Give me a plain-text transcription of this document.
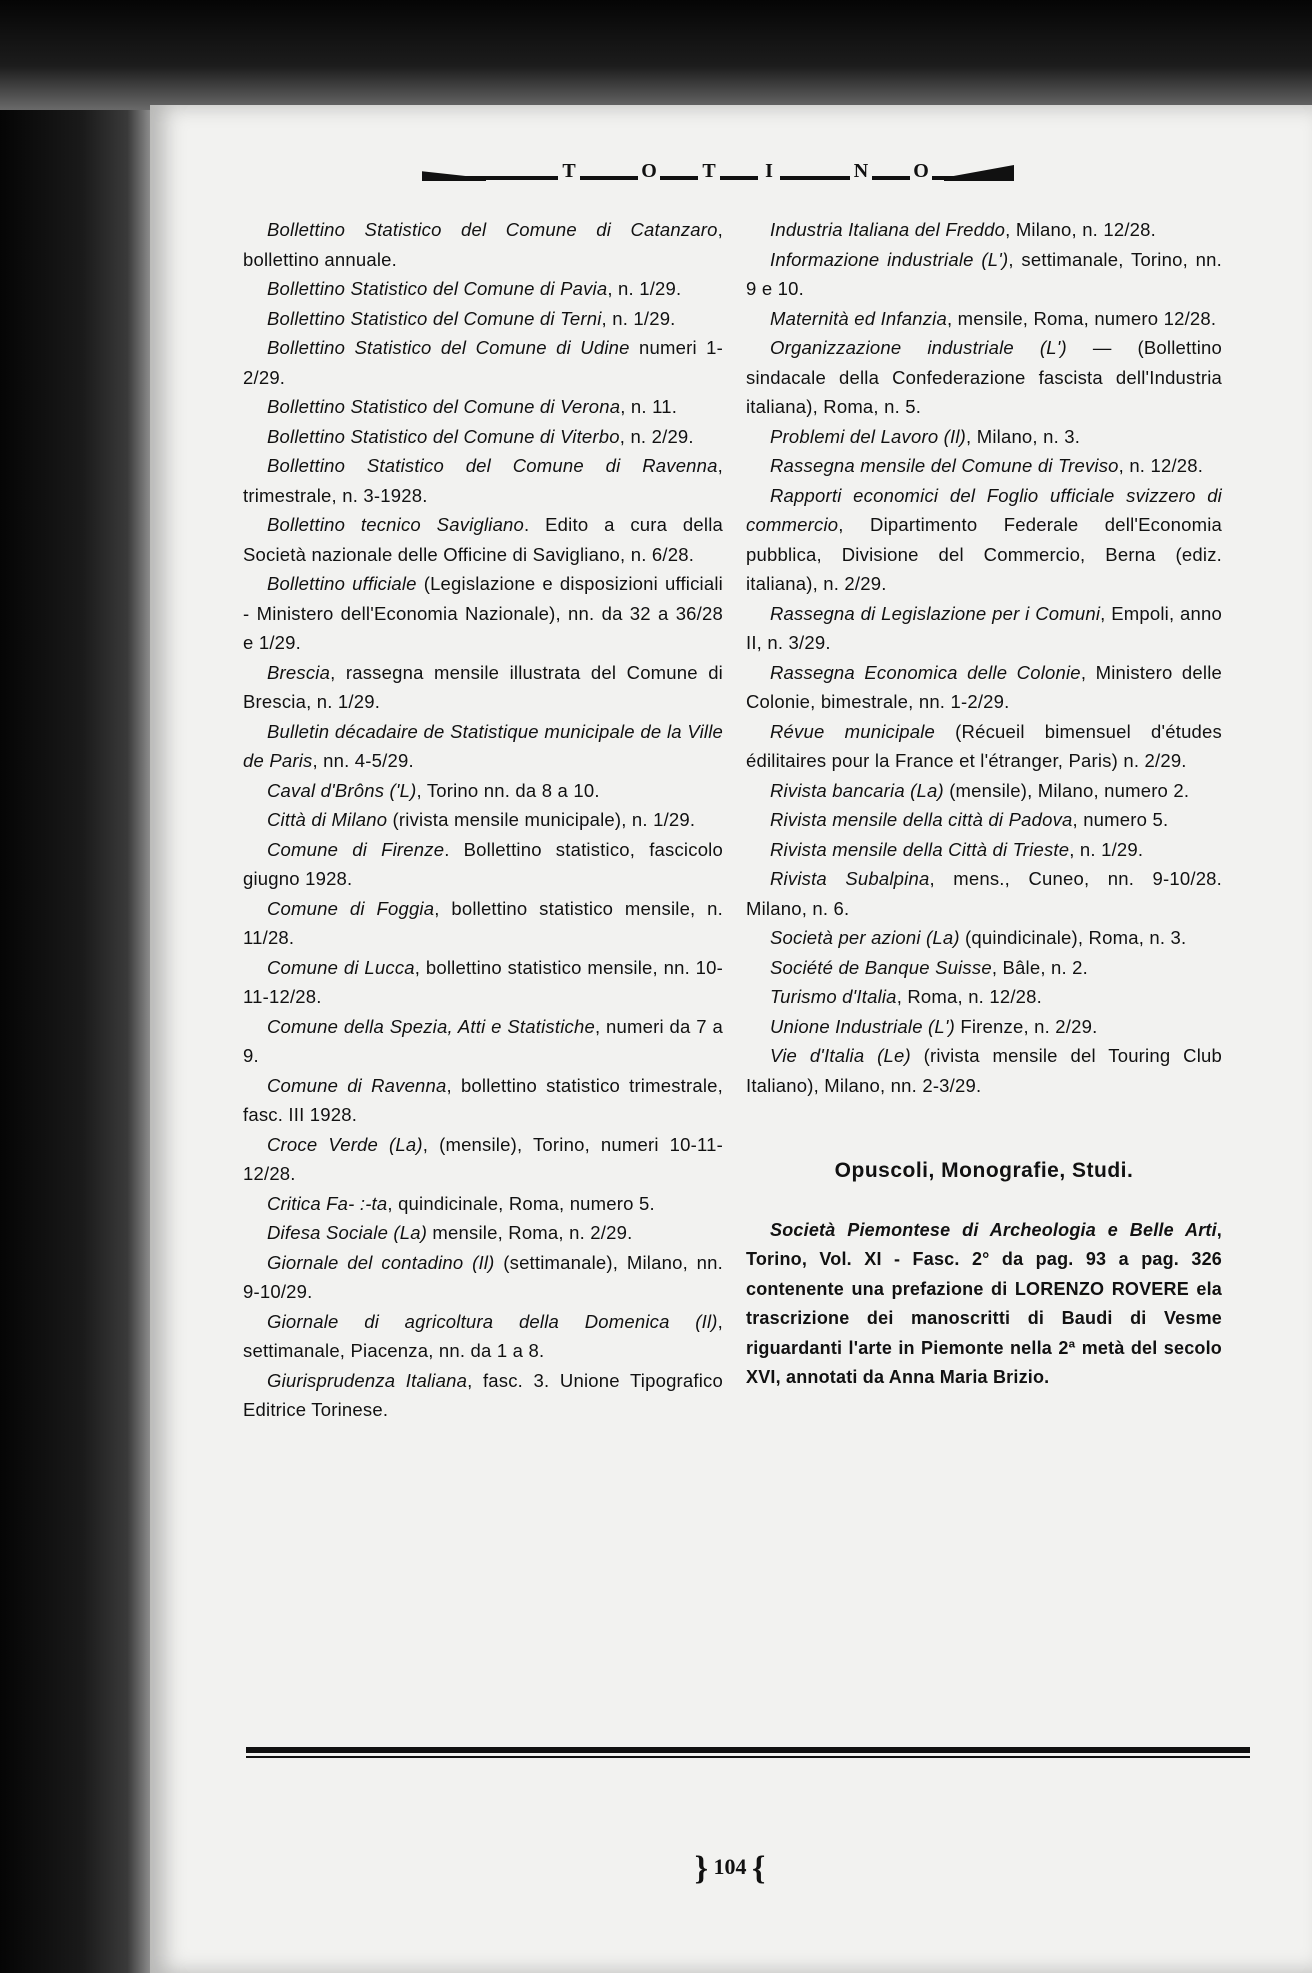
T	O T	I	N O

Bollettino Statistico del Comune di Catanzaro, bollettino annuale.

Bollettino Statistico del Comune di Pavia, n. 1/29.

Bollettino Statistico del Comune di Terni, n. 1/29.

Bollettino Statistico del Comune di Udine numeri 1-2/29.

Bollettino Statistico del Comune di Verona, n. 11.

Bollettino Statistico del Comune di Viterbo, n. 2/29.

Bollettino Statistico del Comune di Ravenna, trimestrale, n. 3-1928.

Bollettino tecnico Savigliano. Edito a cura della Società nazionale delle Officine di Savigliano, n. 6/28.

Bollettino ufficiale (Legislazione e disposizioni ufficiali - Ministero dell'Economia Nazionale), nn. da 32 a 36/28 e 1/29.

Brescia, rassegna mensile illustrata del Comune di Brescia, n. 1/29.

Bulletin décadaire de Statistique municipale de la Ville de Paris, nn. 4-5/29.

Caval d'Brôns ('L), Torino nn. da 8 a 10.

Città di Milano (rivista mensile municipale), n. 1/29.

Comune di Firenze. Bollettino statistico, fascicolo giugno 1928.

Comune di Foggia, bollettino statistico mensile, n. 11/28.

Comune di Lucca, bollettino statistico mensile, nn. 10-11-12/28.

Comune della Spezia, Atti e Statistiche, numeri da 7 a 9.

Comune di Ravenna, bollettino statistico trimestrale, fasc. III 1928.

Croce Verde (La), (mensile), Torino, numeri 10-11-12/28.

Critica Fa- :-ta, quindicinale, Roma, numero 5.

Difesa Sociale (La) mensile, Roma, n. 2/29.

Giornale del contadino (Il) (settimanale), Milano, nn. 9-10/29.

Giornale di agricoltura della Domenica (Il), settimanale, Piacenza, nn. da 1 a 8.

Giurisprudenza Italiana, fasc. 3. Unione Tipografico Editrice Torinese.

Industria Italiana del Freddo, Milano, n. 12/28.

Informazione industriale (L'), settimanale, Torino, nn. 9 e 10.

Maternità ed Infanzia, mensile, Roma, numero 12/28.

Organizzazione industriale (L') — (Bollettino sindacale della Confederazione fascista dell'Industria italiana), Roma, n. 5.

Problemi del Lavoro (Il), Milano, n. 3.

Rassegna mensile del Comune di Treviso, n. 12/28.

Rapporti economici del Foglio ufficiale svizzero di commercio, Dipartimento Federale dell'Economia pubblica, Divisione del Commercio, Berna (ediz. italiana), n. 2/29.

Rassegna di Legislazione per i Comuni, Empoli, anno II, n. 3/29.

Rassegna Economica delle Colonie, Ministero delle Colonie, bimestrale, nn. 1-2/29.

Révue municipale (Récueil bimensuel d'études édilitaires pour la France et l'étranger, Paris) n. 2/29.

Rivista bancaria (La) (mensile), Milano, numero 2.

Rivista mensile della città di Padova, numero 5.

Rivista mensile della Città di Trieste, n. 1/29.

Rivista Subalpina, mens., Cuneo, nn. 9-10/28. Milano, n. 6.

Società per azioni (La) (quindicinale), Roma, n. 3.

Société de Banque Suisse, Bâle, n. 2.

Turismo d'Italia, Roma, n. 12/28.

Unione Industriale (L') Firenze, n. 2/29.

Vie d'Italia (Le) (rivista mensile del Touring Club Italiano), Milano, nn. 2-3/29.

Opuscoli, Monografie, Studi.

Società Piemontese di Archeologia e Belle Arti, Torino, Vol. XI - Fasc. 2° da pag. 93 a pag. 326 contenente una prefazione di LORENZO ROVERE ela trascrizione dei manoscritti di Baudi di Vesme riguardanti l'arte in Piemonte nella 2ª metà del secolo XVI, annotati da Anna Maria Brizio.

} 104 {
